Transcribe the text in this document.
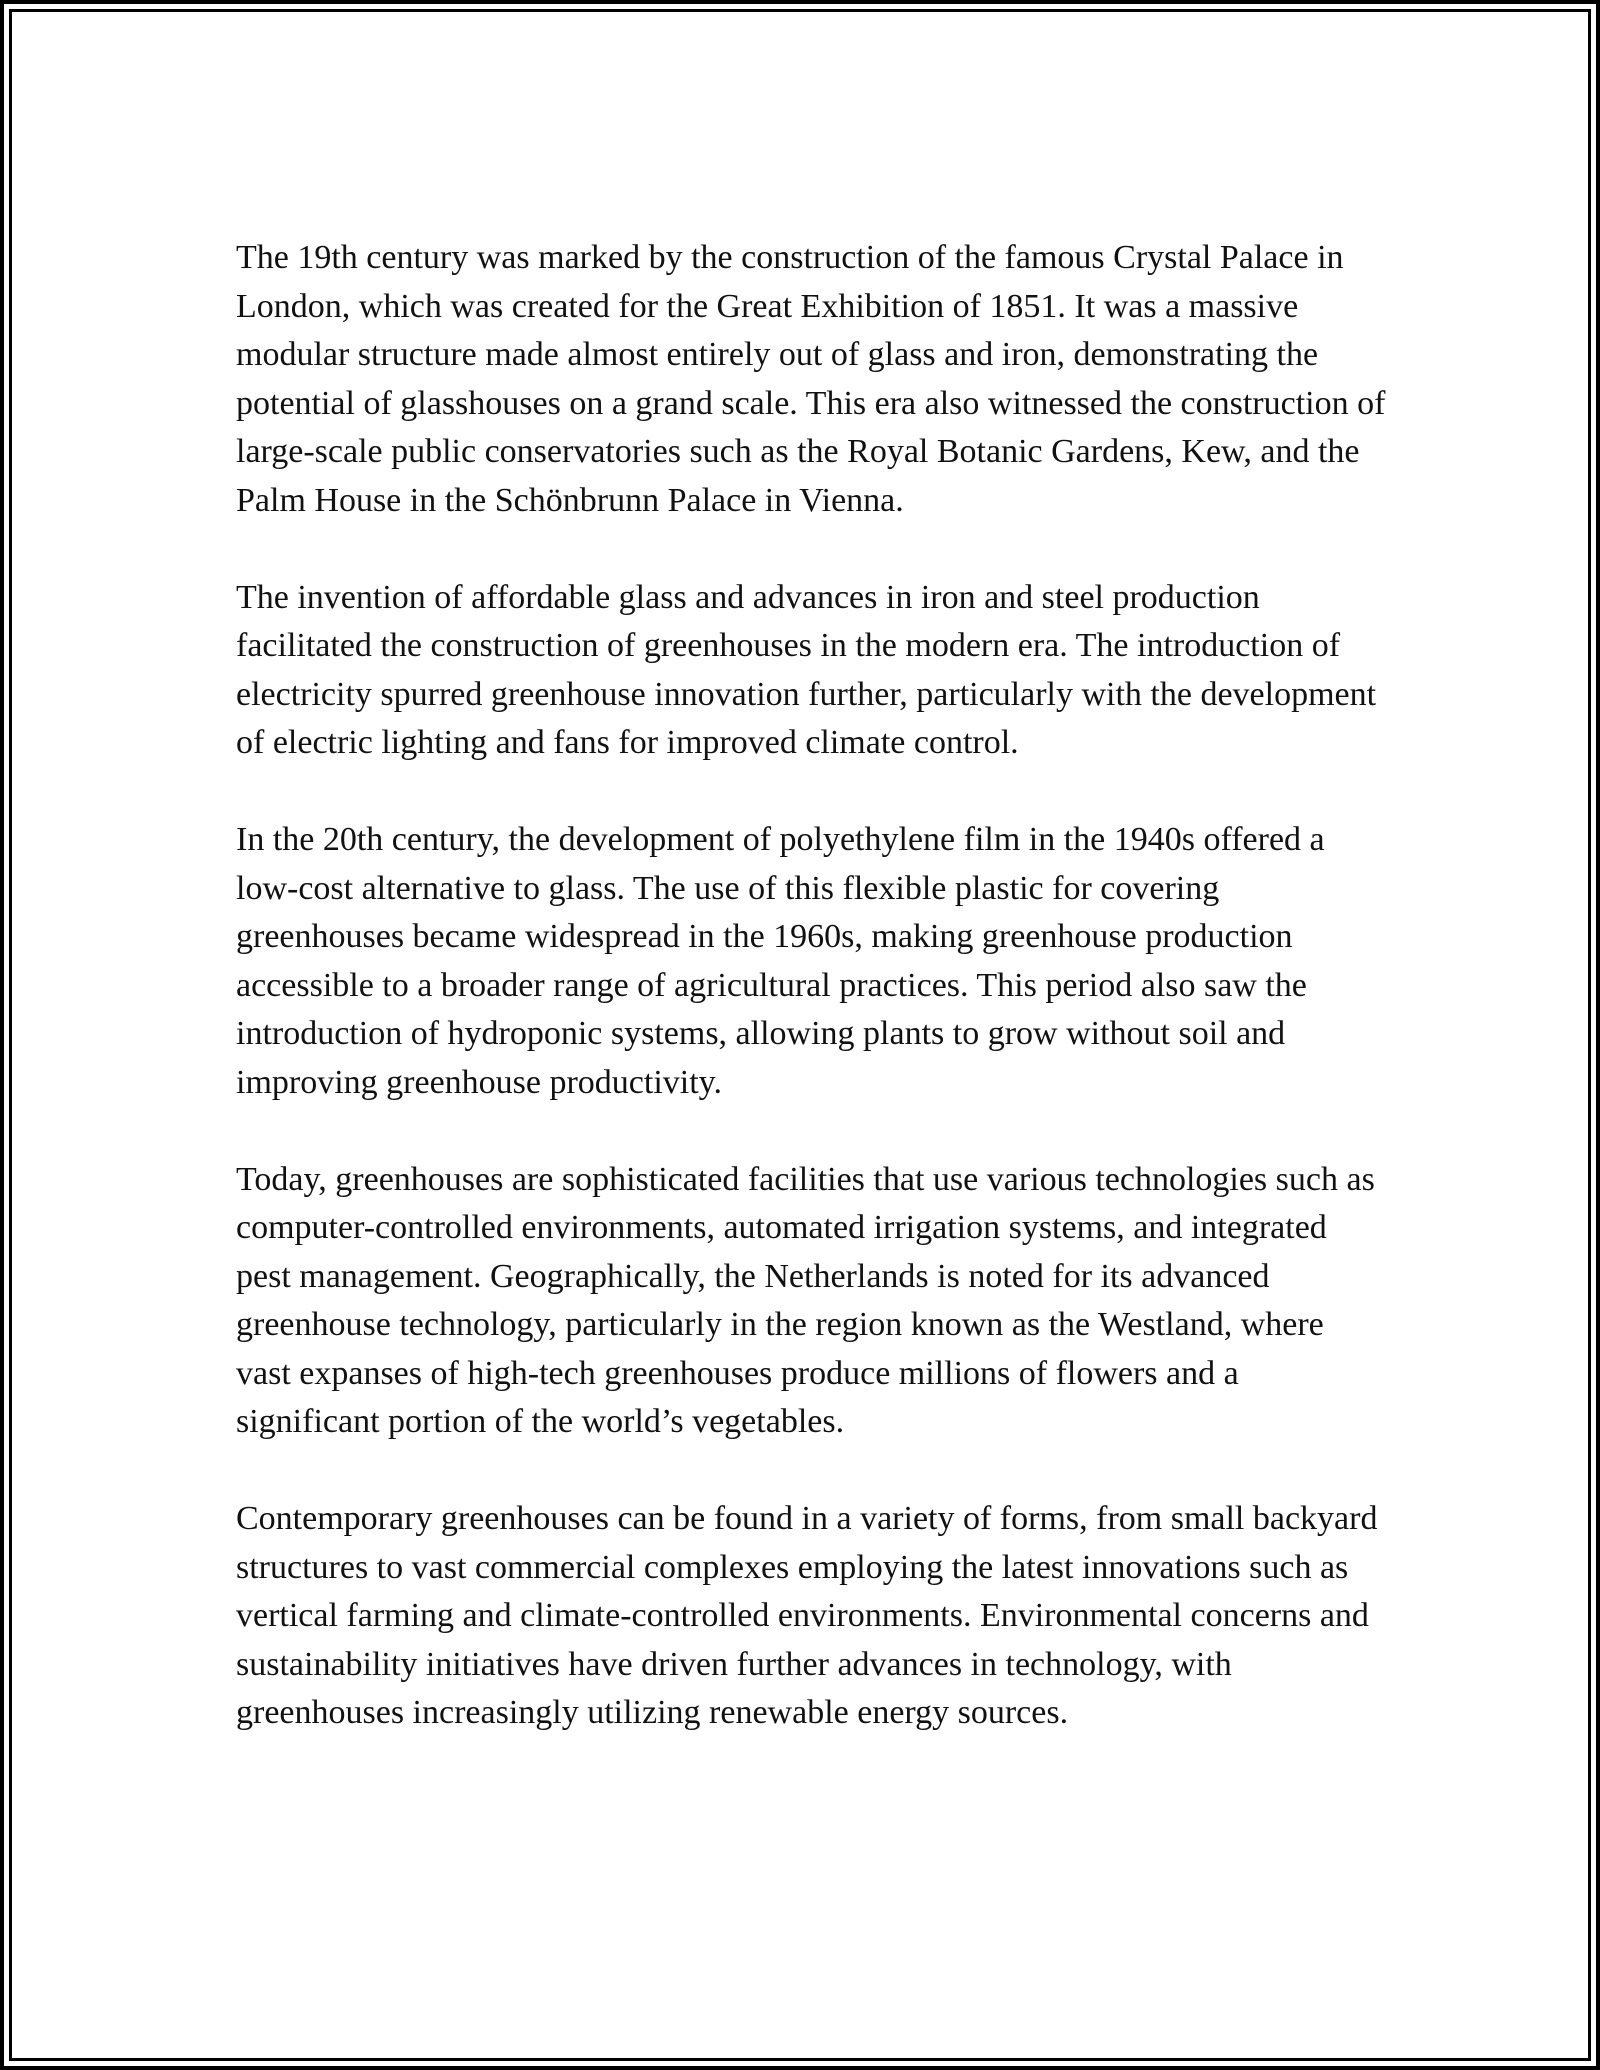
The 19th century was marked by the construction of the famous Crystal Palace in London, which was created for the Great Exhibition of 1851. It was a massive modular structure made almost entirely out of glass and iron, demonstrating the potential of glasshouses on a grand scale. This era also witnessed the construction of large-scale public conservatories such as the Royal Botanic Gardens, Kew, and the Palm House in the Schönbrunn Palace in Vienna.

The invention of affordable glass and advances in iron and steel production facilitated the construction of greenhouses in the modern era. The introduction of electricity spurred greenhouse innovation further, particularly with the development of electric lighting and fans for improved climate control.

In the 20th century, the development of polyethylene film in the 1940s offered a low-cost alternative to glass. The use of this flexible plastic for covering greenhouses became widespread in the 1960s, making greenhouse production accessible to a broader range of agricultural practices. This period also saw the introduction of hydroponic systems, allowing plants to grow without soil and improving greenhouse productivity.

Today, greenhouses are sophisticated facilities that use various technologies such as computer-controlled environments, automated irrigation systems, and integrated pest management. Geographically, the Netherlands is noted for its advanced greenhouse technology, particularly in the region known as the Westland, where vast expanses of high-tech greenhouses produce millions of flowers and a significant portion of the world’s vegetables.

Contemporary greenhouses can be found in a variety of forms, from small backyard structures to vast commercial complexes employing the latest innovations such as vertical farming and climate-controlled environments. Environmental concerns and sustainability initiatives have driven further advances in technology, with greenhouses increasingly utilizing renewable energy sources.
